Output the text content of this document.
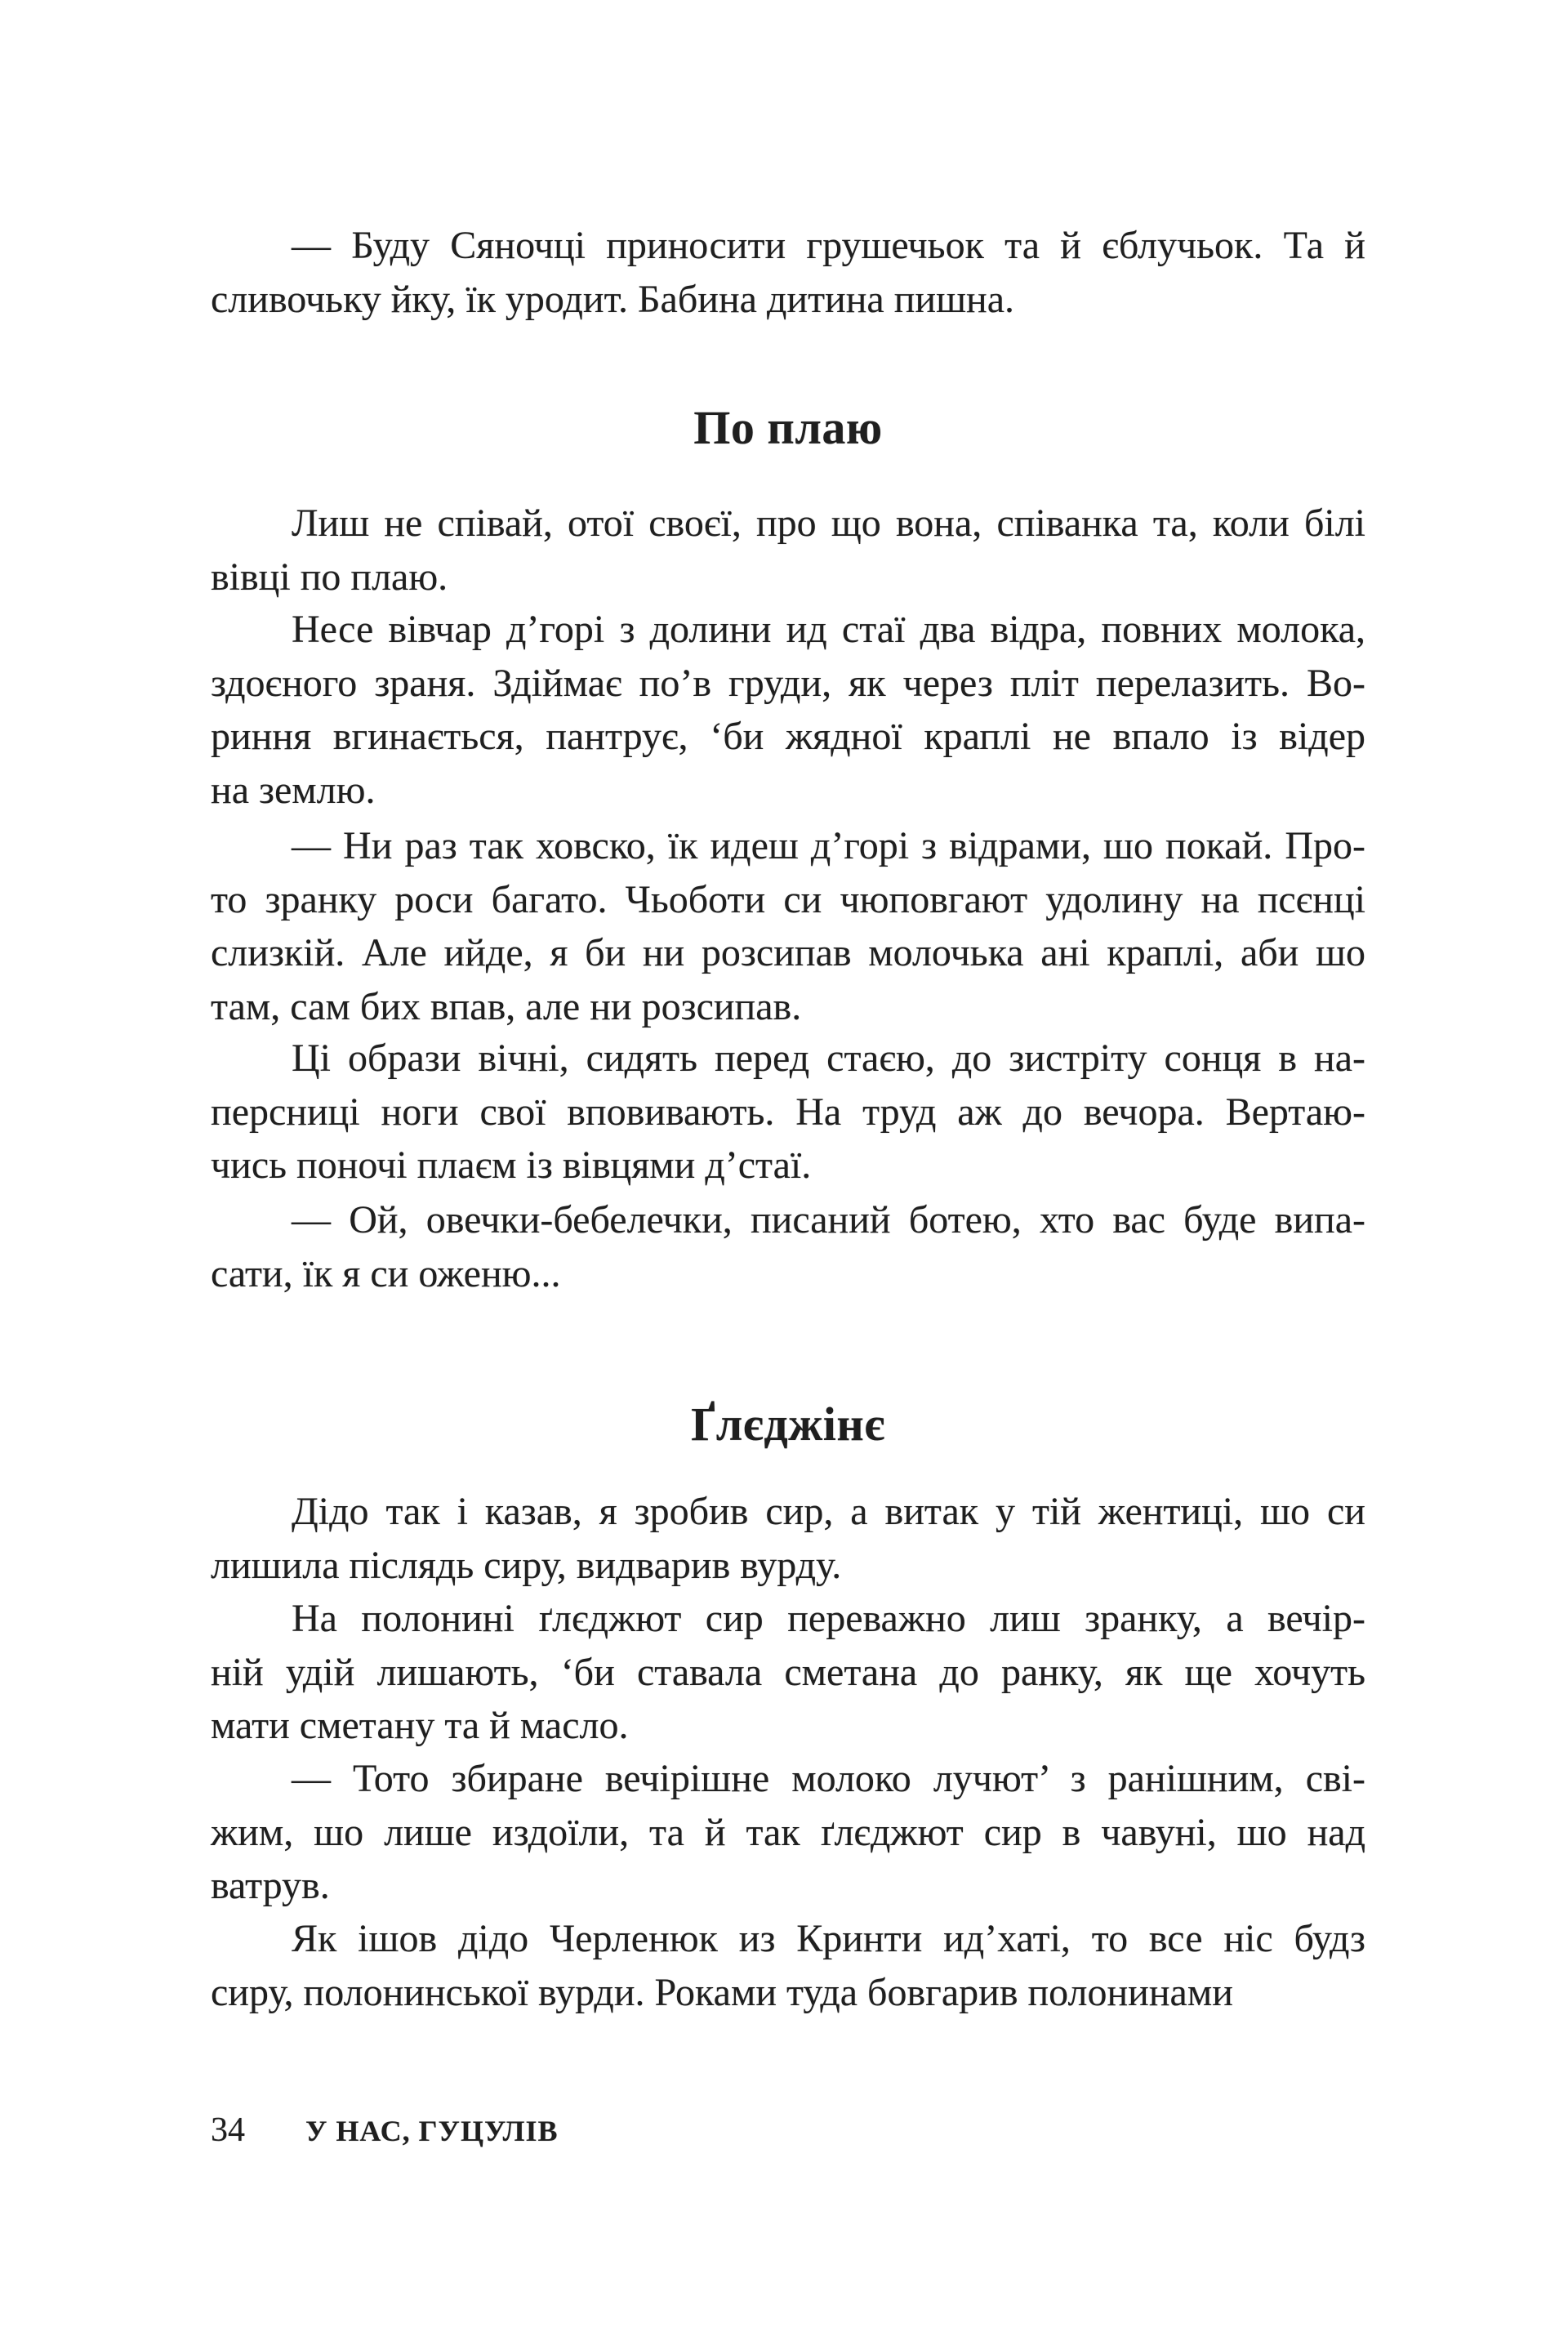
— Буду Сяночці приносити грушечьок та й єблучьок. Та й
сливочьку йку, їк уродит. Бабина дитина пишна.
По плаю
Лиш не співай, отої своєї, про що вона, співанка та, коли білі
вівці по плаю.
Несе вівчар д’горі з долини ид стаї два відра, повних молока,
здоєного зраня. Здіймає по’в груди, як через пліт перелазить. Во-
риння вгинається, пантрує, ‘би жядної краплі не впало із відер
на землю.
— Ни раз так ховско, їк идеш д’горі з відрами, шо покай. Про-
то зранку роси багато. Чьоботи си чюповгают удолину на псєнці
слизкій. Але ийде, я би ни розсипав молочька ані краплі, аби шо
там, сам бих впав, але ни розсипав.
Ці образи вічні, сидять перед стаєю, до зистріту сонця в на-
персниці ноги свої вповивають. На труд аж до вечора. Вертаю-
чись поночі плаєм із вівцями д’стаї.
— Ой, овечки-бебелечки, писаний ботею, хто вас буде випа-
сати, їк я си оженю...
Ґлєджінє
Дідо так і казав, я зробив сир, а витак у тій жентиці, шо си
лишила післядь сиру, видварив вурду.
На полонині ґлєджют сир переважно лиш зранку, а вечір-
ній удій лишають, ‘би ставала сметана до ранку, як ще хочуть
мати сметану та й масло.
— Тото збиране вечірішне молоко лучют’ з ранішним, сві-
жим, шо лише издоїли, та й так ґлєджют сир в чавуні, шо над
ватрув.
Як ішов дідо Черленюк из Кринти ид’хаті, то все ніс будз
сиру, полонинської вурди. Роками туда бовгарив полонинами
34 У НАС, ГУЦУЛІВ
